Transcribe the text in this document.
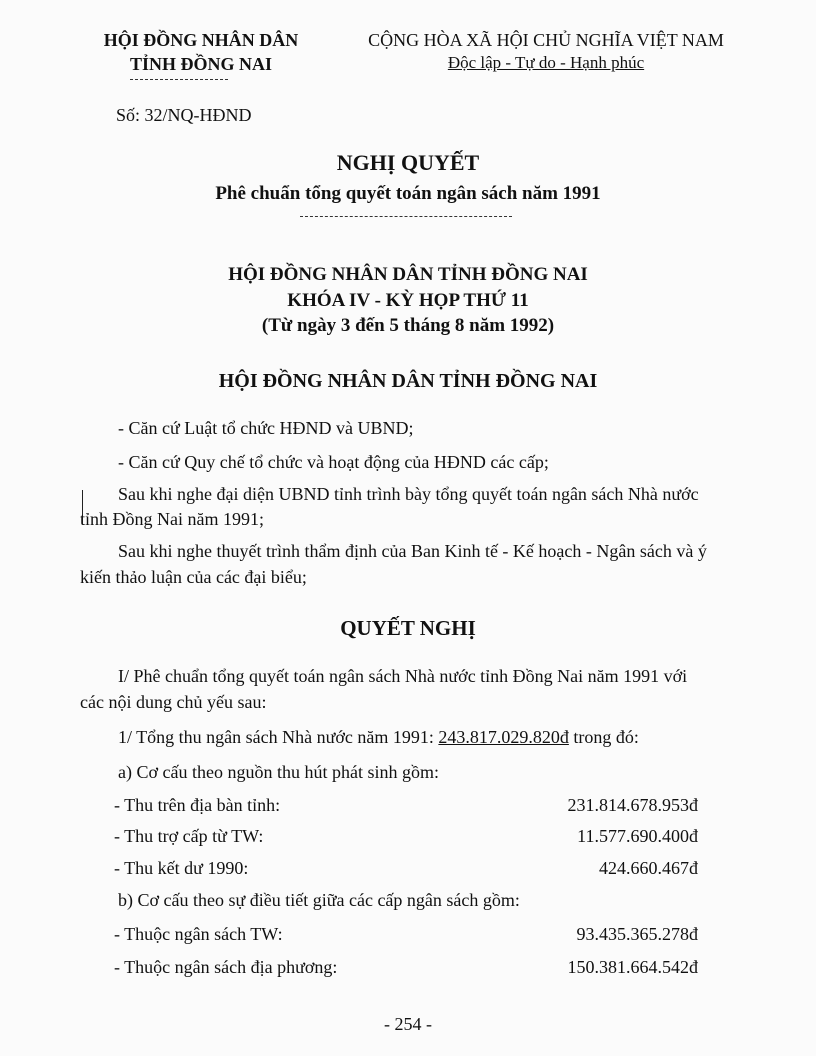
HỘI ĐỒNG NHÂN DÂN
TỈNH ĐỒNG NAI
CỘNG HÒA XÃ HỘI CHỦ NGHĨA VIỆT NAM
Độc lập - Tự do - Hạnh phúc
Số: 32/NQ-HĐND
NGHỊ QUYẾT
Phê chuẩn tổng quyết toán ngân sách năm 1991
HỘI ĐỒNG NHÂN DÂN TỈNH ĐỒNG NAI
KHÓA IV - KỲ HỌP THỨ 11
(Từ ngày 3 đến 5 tháng 8 năm 1992)
HỘI ĐỒNG NHÂN DÂN TỈNH ĐỒNG NAI
- Căn cứ Luật tổ chức HĐND và UBND;
- Căn cứ Quy chế tổ chức và hoạt động của HĐND các cấp;
Sau khi nghe đại diện UBND tỉnh trình bày tổng quyết toán ngân sách Nhà nước
tỉnh Đồng Nai năm 1991;
Sau khi nghe thuyết trình thẩm định của Ban Kinh tế - Kế hoạch - Ngân sách và ý
kiến thảo luận của các đại biểu;
QUYẾT NGHỊ
I/ Phê chuẩn tổng quyết toán ngân sách Nhà nước tỉnh Đồng Nai năm 1991 với
các nội dung chủ yếu sau:
1/ Tổng thu ngân sách Nhà nước năm 1991: 243.817.029.820đ trong đó:
a) Cơ cấu theo nguồn thu hút phát sinh gồm:
- Thu trên địa bàn tỉnh:	231.814.678.953đ
- Thu trợ cấp từ TW:	11.577.690.400đ
- Thu kết dư 1990:	424.660.467đ
b) Cơ cấu theo sự điều tiết giữa các cấp ngân sách gồm:
- Thuộc ngân sách TW:	93.435.365.278đ
- Thuộc ngân sách địa phương:	150.381.664.542đ
- 254 -
